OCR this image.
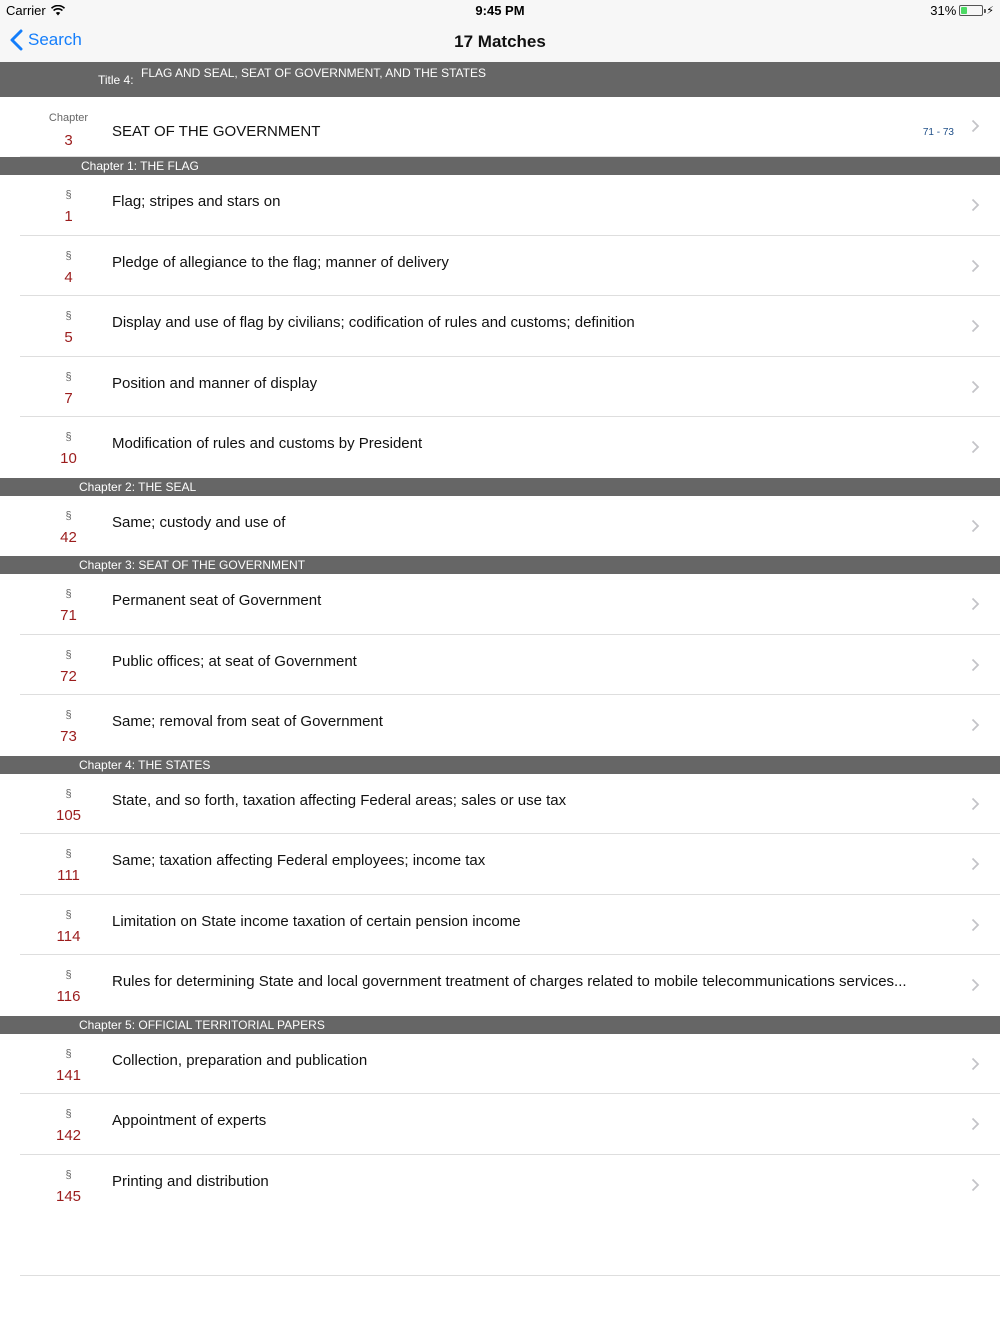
Carrier	9:45 PM	31%	⚡
Search	17 Matches
Title 4: FLAG AND SEAL, SEAT OF GOVERNMENT, AND THE STATES
Chapter
3
SEAT OF THE GOVERNMENT	71 - 73
Chapter 1: THE FLAG
§
1
Flag; stripes and stars on
§
4
Pledge of allegiance to the flag; manner of delivery
§
5
Display and use of flag by civilians; codification of rules and customs; definition
§
7
Position and manner of display
§
10
Modification of rules and customs by President
Chapter 2: THE SEAL
§
42
Same; custody and use of
Chapter 3: SEAT OF THE GOVERNMENT
§
71
Permanent seat of Government
§
72
Public offices; at seat of Government
§
73
Same; removal from seat of Government
Chapter 4: THE STATES
§
105
State, and so forth, taxation affecting Federal areas; sales or use tax
§
111
Same; taxation affecting Federal employees; income tax
§
114
Limitation on State income taxation of certain pension income
§
116
Rules for determining State and local government treatment of charges related to mobile telecommunications services...
Chapter 5: OFFICIAL TERRITORIAL PAPERS
§
141
Collection, preparation and publication
§
142
Appointment of experts
§
145
Printing and distribution
